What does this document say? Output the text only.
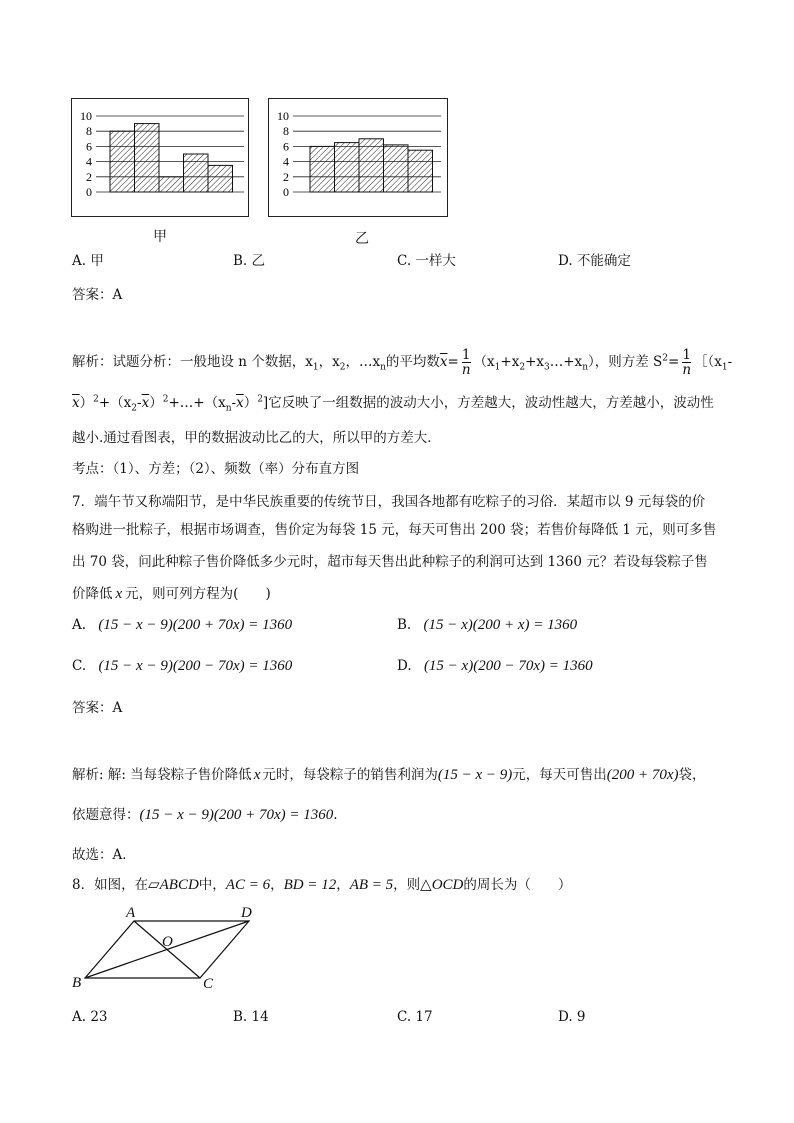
0
2
4
6
8
10
0
2
4
6
8
10
甲	乙
A. 甲	B. 乙	C. 一样大	D. 不能确定
答案：A
解析：试题分析：一般地设 n 个数据，$x_1$，$x_2$，$\dots x_n$的平均数$\overline{x}= \frac{1}{n}$ $(x_1+x_2+x_3\dots+x_n)$，则方差 $S^2= \frac{1}{n}$ $[(x_1-$
$\overline{x})^2+(x_2-\overline{x})^2+\dots+(x_n-\overline{x})^2$]它反映了一组数据的波动大小，方差越大，波动性越大，方差越小，波动性
越小.通过看图表，甲的数据波动比乙的大，所以甲的方差大．
考点：（1）、方差；（2）、频数（率）分布直方图
7．端午节又称端阳节，是中华民族重要的传统节日，我国各地都有吃粽子的习俗．某超市以 9 元每袋的价
格购进一批粽子，根据市场调查，售价定为每袋 15 元，每天可售出 200 袋；若售价每降低 1 元，则可多售
出 70 袋，问此种粽子售价降低多少元时，超市每天售出此种粽子的利润可达到 1360 元？若设每袋粽子售
价降低 x 元，则可列方程为(　　)
A. (15 − x − 9)(200 + 70x) = 1360	B. (15 − x)(200 + x) = 1360
C. (15 − x − 9)(200 − 70x) = 1360	D. (15 − x)(200 − 70x) = 1360
答案：A
解析: 解: 当每袋粽子售价降低 x 元时，每袋粽子的销售利润为(15 − x − 9)元，每天可售出(200 + 70x)袋，
依题意得：(15 − x − 9)(200 + 70x) = 1360.
故选：A．
8．如图，在▱ABCD中，AC = 6，BD = 12，AB = 5，则△OCD的周长为（　　）
A	D
O
B	C
A. 23	B. 14	C. 17	D. 9
